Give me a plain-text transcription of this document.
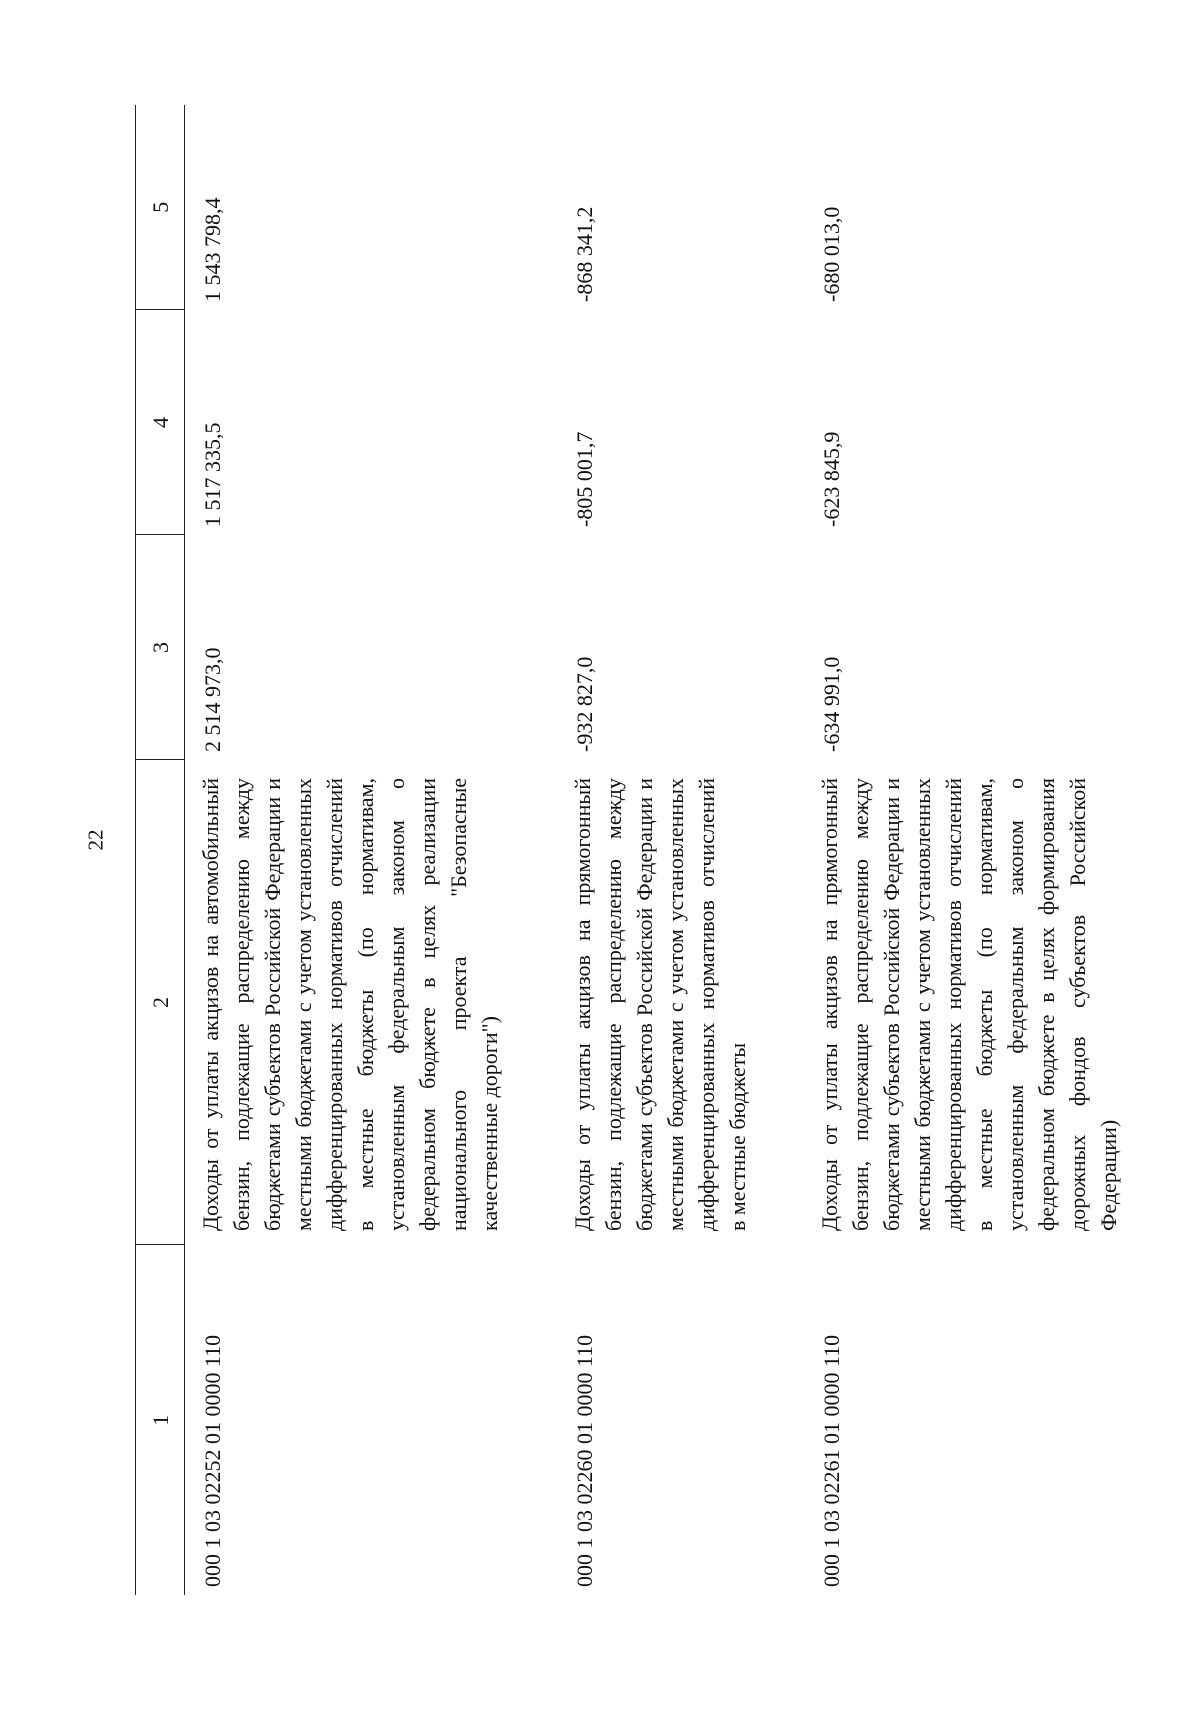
22
1	2	3	4	5
000 1 03 02252 01 0000 110	Доходы от уплаты акцизов на автомобильный бензин, подлежащие распределению между бюджетами субъектов Российской Федерации и местными бюджетами с учетом установленных дифференцированных нормативов отчислений в местные бюджеты (по нормативам, установленным федеральным законом о федеральном бюджете в целях реализации национального проекта "Безопасные качественные дороги")	2 514 973,0	1 517 335,5	1 543 798,4
000 1 03 02260 01 0000 110	Доходы от уплаты акцизов на прямогонный бензин, подлежащие распределению между бюджетами субъектов Российской Федерации и местными бюджетами с учетом установленных дифференцированных нормативов отчислений в местные бюджеты	-932 827,0	-805 001,7	-868 341,2
000 1 03 02261 01 0000 110	Доходы от уплаты акцизов на прямогонный бензин, подлежащие распределению между бюджетами субъектов Российской Федерации и местными бюджетами с учетом установленных дифференцированных нормативов отчислений в местные бюджеты (по нормативам, установленным федеральным законом о федеральном бюджете в целях формирования дорожных фондов субъектов Российской Федерации)	-634 991,0	-623 845,9	-680 013,0
